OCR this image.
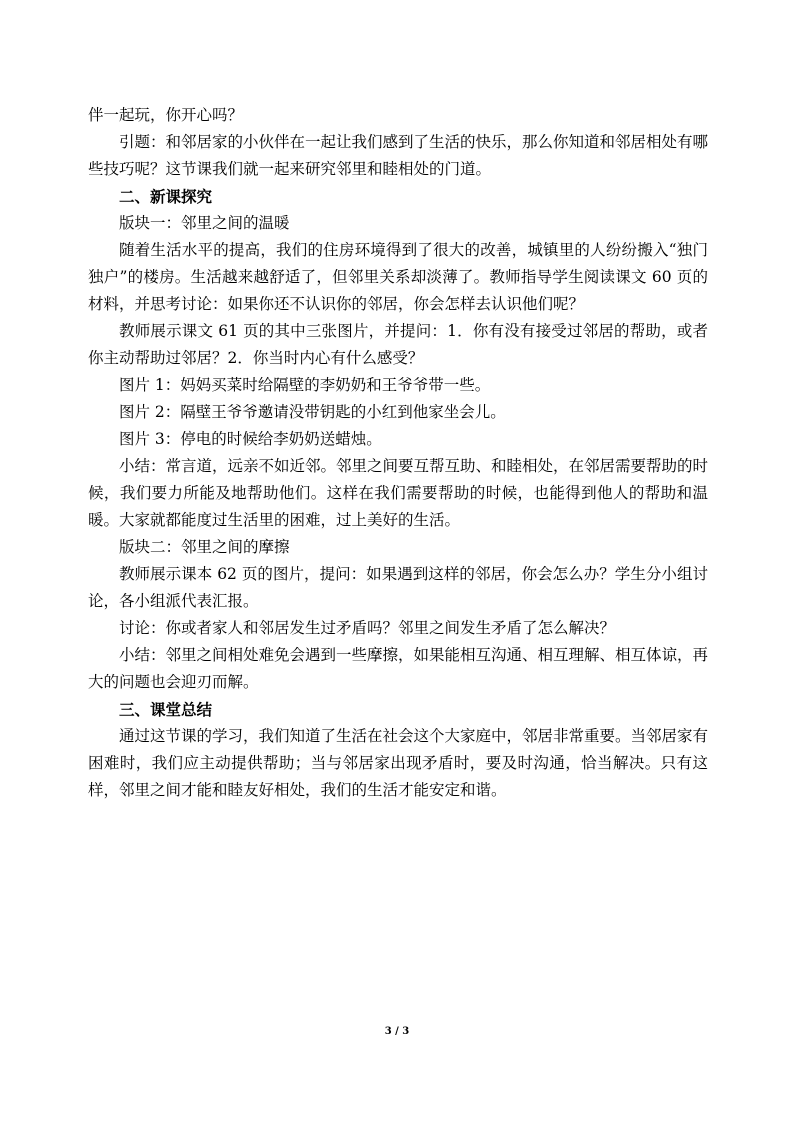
伴一起玩，你开心吗？

引题：和邻居家的小伙伴在一起让我们感到了生活的快乐，那么你知道和邻居相处有哪些技巧呢？这节课我们就一起来研究邻里和睦相处的门道。

二、新课探究

版块一：邻里之间的温暖

随着生活水平的提高，我们的住房环境得到了很大的改善，城镇里的人纷纷搬入“独门独户”的楼房。生活越来越舒适了，但邻里关系却淡薄了。教师指导学生阅读课文 60 页的材料，并思考讨论：如果你还不认识你的邻居，你会怎样去认识他们呢？

教师展示课文 61 页的其中三张图片，并提问：1．你有没有接受过邻居的帮助，或者你主动帮助过邻居？2．你当时内心有什么感受？

图片 1：妈妈买菜时给隔壁的李奶奶和王爷爷带一些。

图片 2：隔壁王爷爷邀请没带钥匙的小红到他家坐会儿。

图片 3：停电的时候给李奶奶送蜡烛。

小结：常言道，远亲不如近邻。邻里之间要互帮互助、和睦相处，在邻居需要帮助的时候，我们要力所能及地帮助他们。这样在我们需要帮助的时候，也能得到他人的帮助和温暖。大家就都能度过生活里的困难，过上美好的生活。

版块二：邻里之间的摩擦

教师展示课本 62 页的图片，提问：如果遇到这样的邻居，你会怎么办？学生分小组讨论，各小组派代表汇报。

讨论：你或者家人和邻居发生过矛盾吗？邻里之间发生矛盾了怎么解决？

小结：邻里之间相处难免会遇到一些摩擦，如果能相互沟通、相互理解、相互体谅，再大的问题也会迎刃而解。

三、课堂总结

通过这节课的学习，我们知道了生活在社会这个大家庭中，邻居非常重要。当邻居家有困难时，我们应主动提供帮助；当与邻居家出现矛盾时，要及时沟通，恰当解决。只有这样，邻里之间才能和睦友好相处，我们的生活才能安定和谐。

3 / 3
